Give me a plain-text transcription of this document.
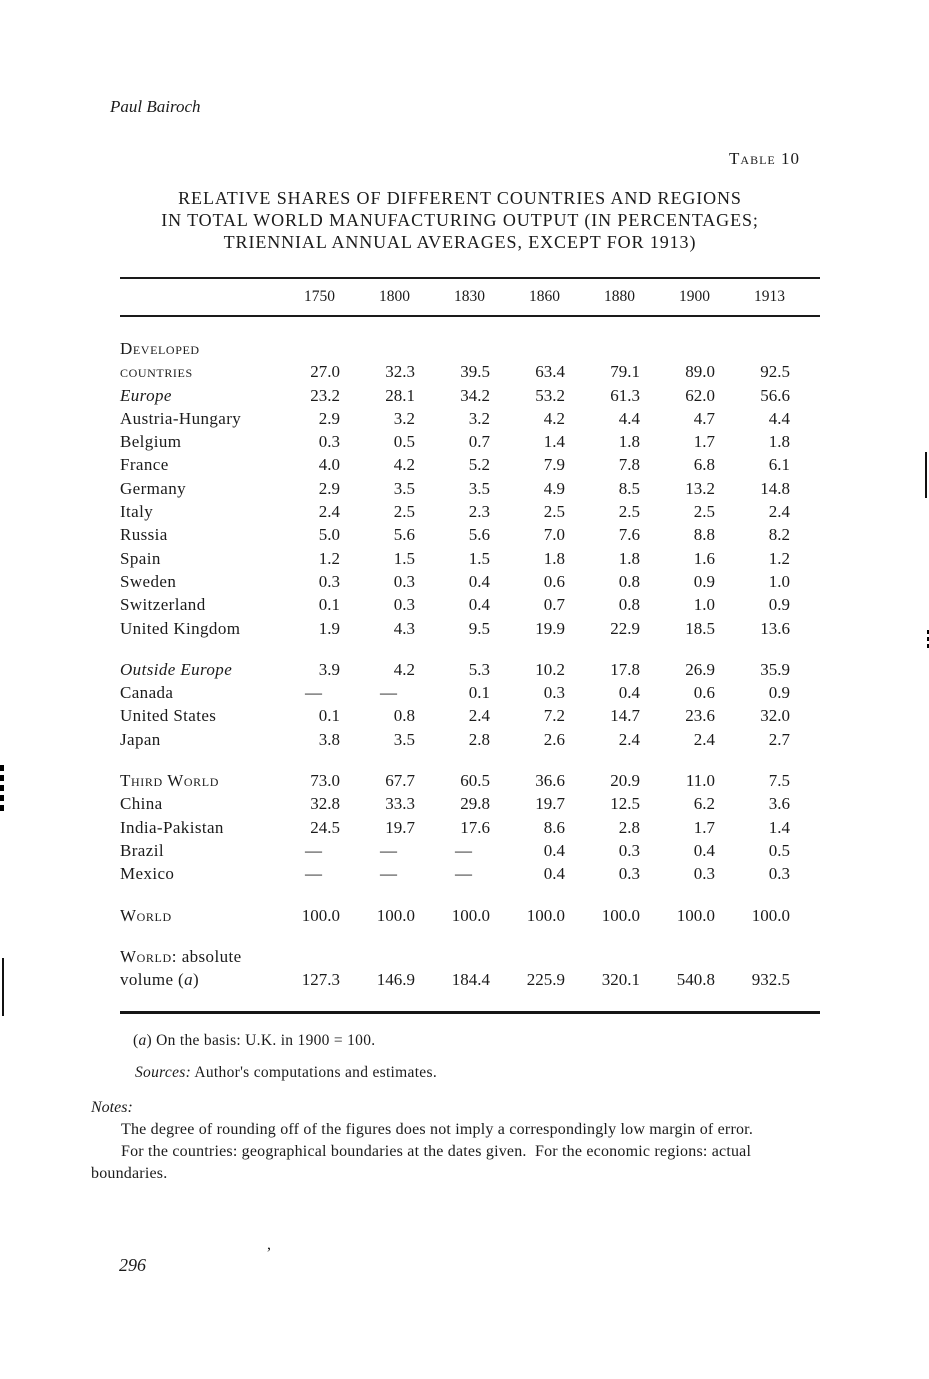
Paul Bairoch
Table 10
RELATIVE SHARES OF DIFFERENT COUNTRIES AND REGIONS
IN TOTAL WORLD MANUFACTURING OUTPUT (IN PERCENTAGES;
TRIENNIAL ANNUAL AVERAGES, EXCEPT FOR 1913)
1750	1800	1830	1860	1880	1900	1913
Developed
countries	27.0	32.3	39.5	63.4	79.1	89.0	92.5
Europe	23.2	28.1	34.2	53.2	61.3	62.0	56.6
Austria-Hungary	2.9	3.2	3.2	4.2	4.4	4.7	4.4
Belgium	0.3	0.5	0.7	1.4	1.8	1.7	1.8
France	4.0	4.2	5.2	7.9	7.8	6.8	6.1
Germany	2.9	3.5	3.5	4.9	8.5	13.2	14.8
Italy	2.4	2.5	2.3	2.5	2.5	2.5	2.4
Russia	5.0	5.6	5.6	7.0	7.6	8.8	8.2
Spain	1.2	1.5	1.5	1.8	1.8	1.6	1.2
Sweden	0.3	0.3	0.4	0.6	0.8	0.9	1.0
Switzerland	0.1	0.3	0.4	0.7	0.8	1.0	0.9
United Kingdom	1.9	4.3	9.5	19.9	22.9	18.5	13.6
Outside Europe	3.9	4.2	5.3	10.2	17.8	26.9	35.9
Canada	—	—	0.1	0.3	0.4	0.6	0.9
United States	0.1	0.8	2.4	7.2	14.7	23.6	32.0
Japan	3.8	3.5	2.8	2.6	2.4	2.4	2.7
Third World	73.0	67.7	60.5	36.6	20.9	11.0	7.5
China	32.8	33.3	29.8	19.7	12.5	6.2	3.6
India-Pakistan	24.5	19.7	17.6	8.6	2.8	1.7	1.4
Brazil	—	—	—	0.4	0.3	0.4	0.5
Mexico	—	—	—	0.4	0.3	0.3	0.3
World	100.0	100.0	100.0	100.0	100.0	100.0	100.0
World: absolute
volume (a)	127.3	146.9	184.4	225.9	320.1	540.8	932.5
(a) On the basis: U.K. in 1900 = 100.
Sources: Author's computations and estimates.
Notes:
The degree of rounding off of the figures does not imply a correspondingly low margin of error.
For the countries: geographical boundaries at the dates given.  For the economic regions: actual
boundaries.
296
,
